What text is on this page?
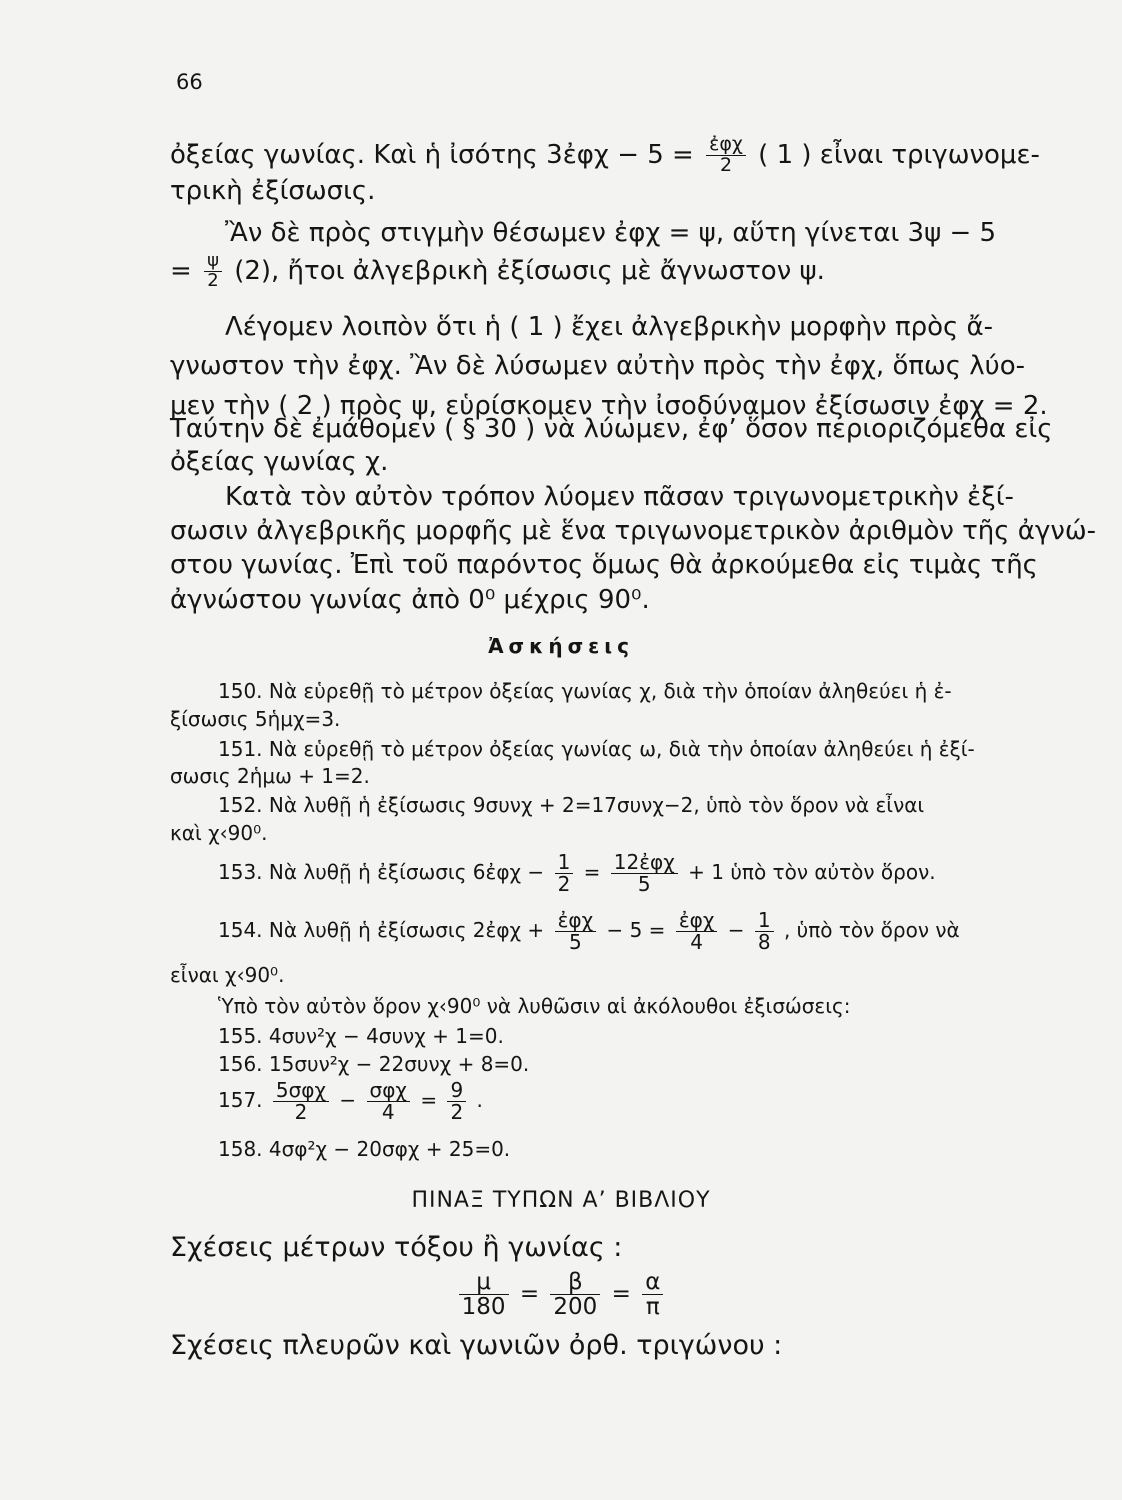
66
ὀξείας γωνίας. Καὶ ἡ ἰσότης 3ἐφχ − $5 = \frac{\text{ἐφχ}}{2}$ ( 1 ) εἶναι τριγωνομε-
τρικὴ ἐξίσωσις.
Ἂν δὲ πρὸς στιγμὴν θέσωμεν ἐφχ = ψ, αὕτη γίνεται 3ψ − 5
= $\frac{\psi}{2} (2)$, ἤτοι ἀλγεβρικὴ ἐξίσωσις μὲ ἄγνωστον ψ.
Λέγομεν λοιπὸν ὅτι ἡ ( 1 ) ἔχει ἀλγεβρικὴν μορφὴν πρὸς ἄ-
γνωστον τὴν ἐφχ. Ἂν δὲ λύσωμεν αὐτὴν πρὸς τὴν ἐφχ, ὅπως λύο-
μεν τὴν ( 2 ) πρὸς ψ, εὑρίσκομεν τὴν ἰσοδύναμον ἐξίσωσιν ἐφχ = 2.
Ταύτην δὲ ἐμάθομεν ( § 30 ) νὰ λύωμεν, ἐφ’ ὅσον περιοριζόμεθα εἰς
ὀξείας γωνίας χ.
Κατὰ τὸν αὐτὸν τρόπον λύομεν πᾶσαν τριγωνομετρικὴν ἐξί-
σωσιν ἀλγεβρικῆς μορφῆς μὲ ἕνα τριγωνομετρικὸν ἀριθμὸν τῆς ἀγνώ-
στου γωνίας. Ἐπὶ τοῦ παρόντος ὅμως θὰ ἀρκούμεθα εἰς τιμὰς τῆς
ἀγνώστου γωνίας ἀπὸ 0⁰ μέχρις 90⁰.
Ἀσκήσεις
150. Νὰ εὑρεθῇ τὸ μέτρον ὀξείας γωνίας χ, διὰ τὴν ὁποίαν ἀληθεύει ἡ ἐ-
ξίσωσις 5ἡμχ=3.
151. Νὰ εὑρεθῇ τὸ μέτρον ὀξείας γωνίας ω, διὰ τὴν ὁποίαν ἀληθεύει ἡ ἐξί-
σωσις 2ἡμω + 1=2.
152. Νὰ λυθῇ ἡ ἐξίσωσις 9συνχ + 2=17συνχ−2, ὑπὸ τὸν ὅρον νὰ εἶναι
καὶ χ‹90⁰.
153. Νὰ λυθῇ ἡ ἐξίσωσις 6ἐφχ − $\frac{1}{2} = \frac{\text{12ἐφχ}}{5} + 1$ ὑπὸ τὸν αὐτὸν ὅρον.
154. Νὰ λυθῇ ἡ ἐξίσωσις 2ἐφχ + $\frac{\text{ἐφχ}}{5} - 5 = \frac{\text{ἐφχ}}{4} - \frac{1}{8}$ , ὑπὸ τὸν ὅρον νὰ
εἶναι χ‹90⁰.
Ὑπὸ τὸν αὐτὸν ὅρον χ‹90⁰ νὰ λυθῶσιν αἱ ἀκόλουθοι ἐξισώσεις:
155. 4συν²χ − 4συνχ + 1=0.
156. 15συν²χ − 22συνχ + 8=0.
157. $\frac{\text{5σφχ}}{2} - \frac{\text{σφχ}}{4} = \frac{9}{2}$ .
158. 4σφ²χ − 20σφχ + 25=0.
ΠΙΝΑΞ ΤΥΠΩΝ Α’ ΒΙΒΛΙΟΥ
Σχέσεις μέτρων τόξου ἢ γωνίας :
$\frac{\mu}{180} = \frac{\beta}{200} = \frac{\alpha}{\pi}$
Σχέσεις πλευρῶν καὶ γωνιῶν ὀρθ. τριγώνου :
